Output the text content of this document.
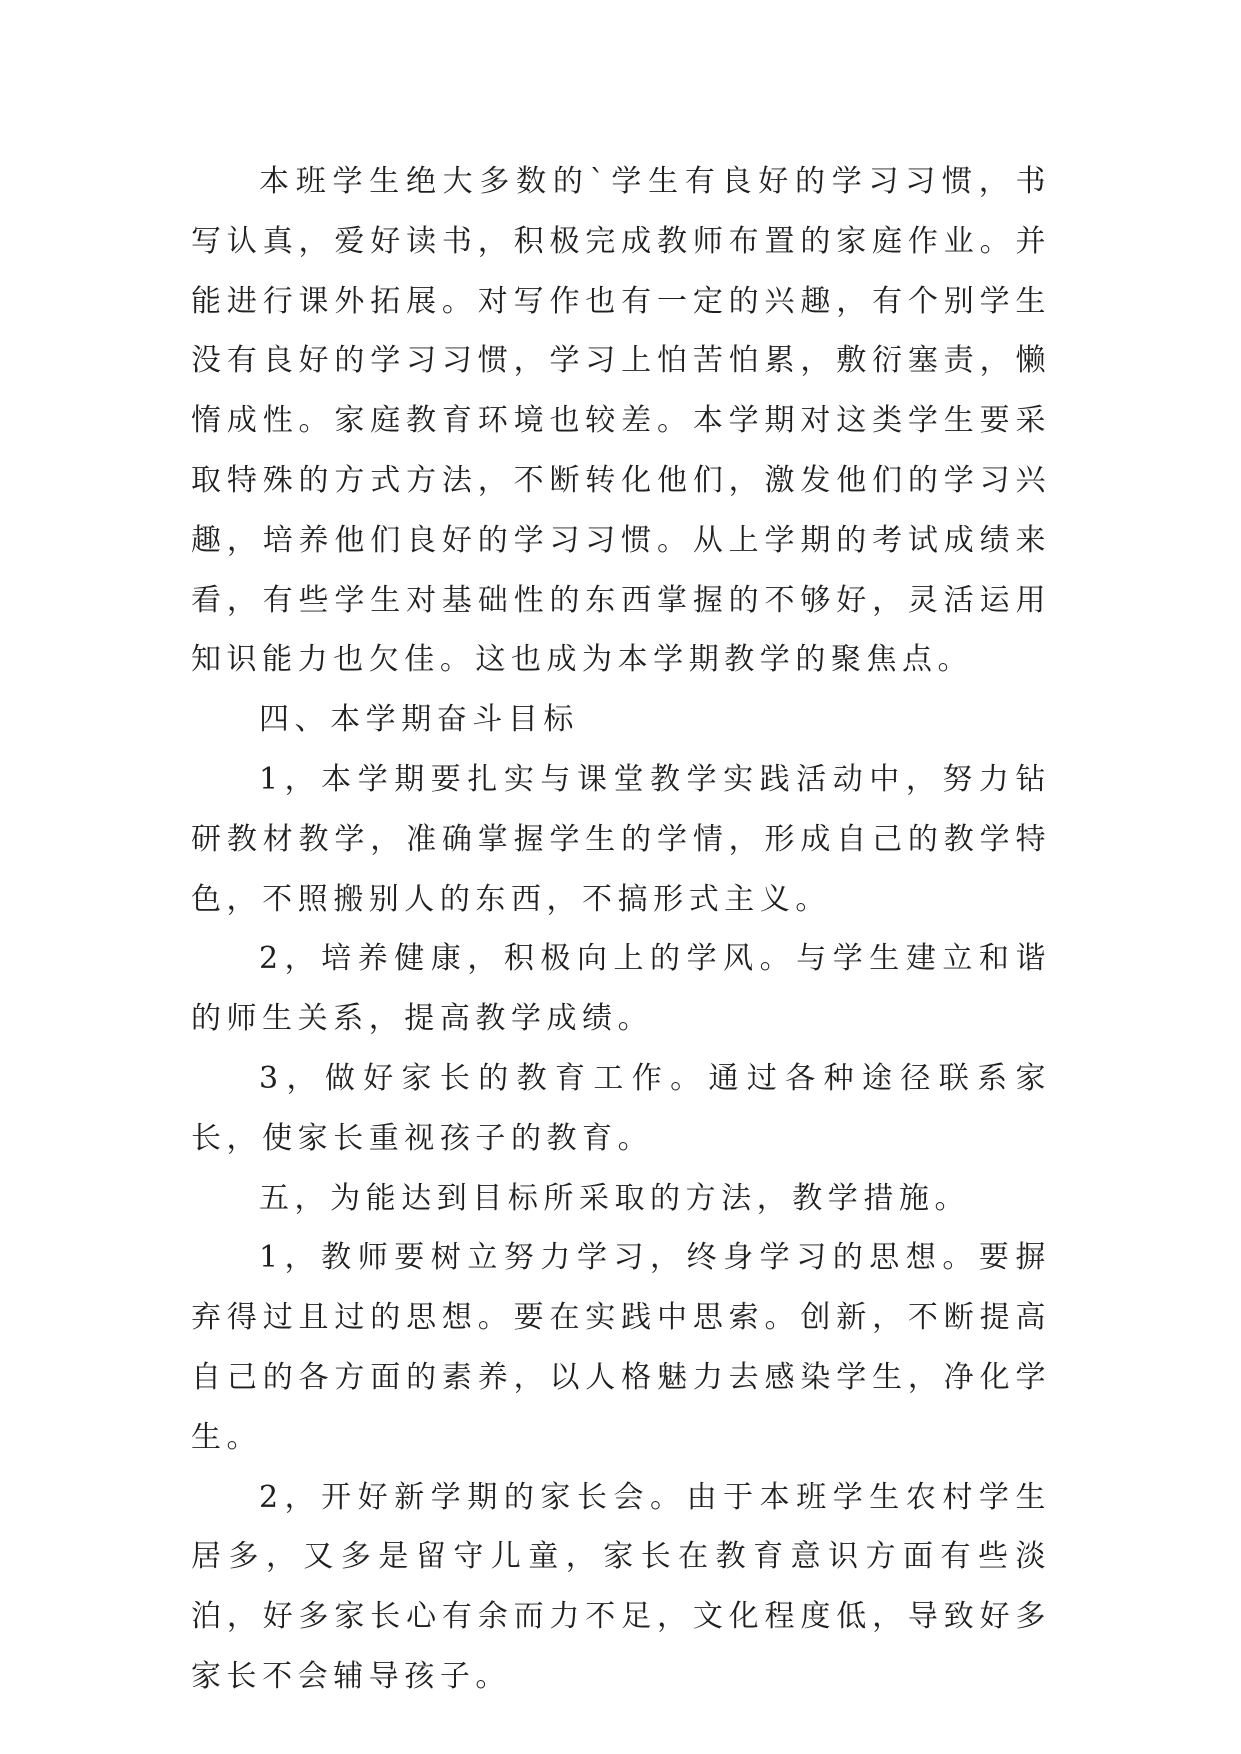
本班学生绝大多数的`学生有良好的学习习惯，书写认真，爱好读书，积极完成教师布置的家庭作业。并能进行课外拓展。对写作也有一定的兴趣，有个别学生没有良好的学习习惯，学习上怕苦怕累，敷衍塞责，懒惰成性。家庭教育环境也较差。本学期对这类学生要采取特殊的方式方法，不断转化他们，激发他们的学习兴趣，培养他们良好的学习习惯。从上学期的考试成绩来看，有些学生对基础性的东西掌握的不够好，灵活运用知识能力也欠佳。这也成为本学期教学的聚焦点。

四、本学期奋斗目标

1，本学期要扎实与课堂教学实践活动中，努力钻研教材教学，准确掌握学生的学情，形成自己的教学特色，不照搬别人的东西，不搞形式主义。

2，培养健康，积极向上的学风。与学生建立和谐的师生关系，提高教学成绩。

3，做好家长的教育工作。通过各种途径联系家长，使家长重视孩子的教育。

五，为能达到目标所采取的方法，教学措施。

1，教师要树立努力学习，终身学习的思想。要摒弃得过且过的思想。要在实践中思索。创新，不断提高自己的各方面的素养，以人格魅力去感染学生，净化学生。

2，开好新学期的家长会。由于本班学生农村学生居多，又多是留守儿童，家长在教育意识方面有些淡泊，好多家长心有余而力不足，文化程度低，导致好多家长不会辅导孩子。
